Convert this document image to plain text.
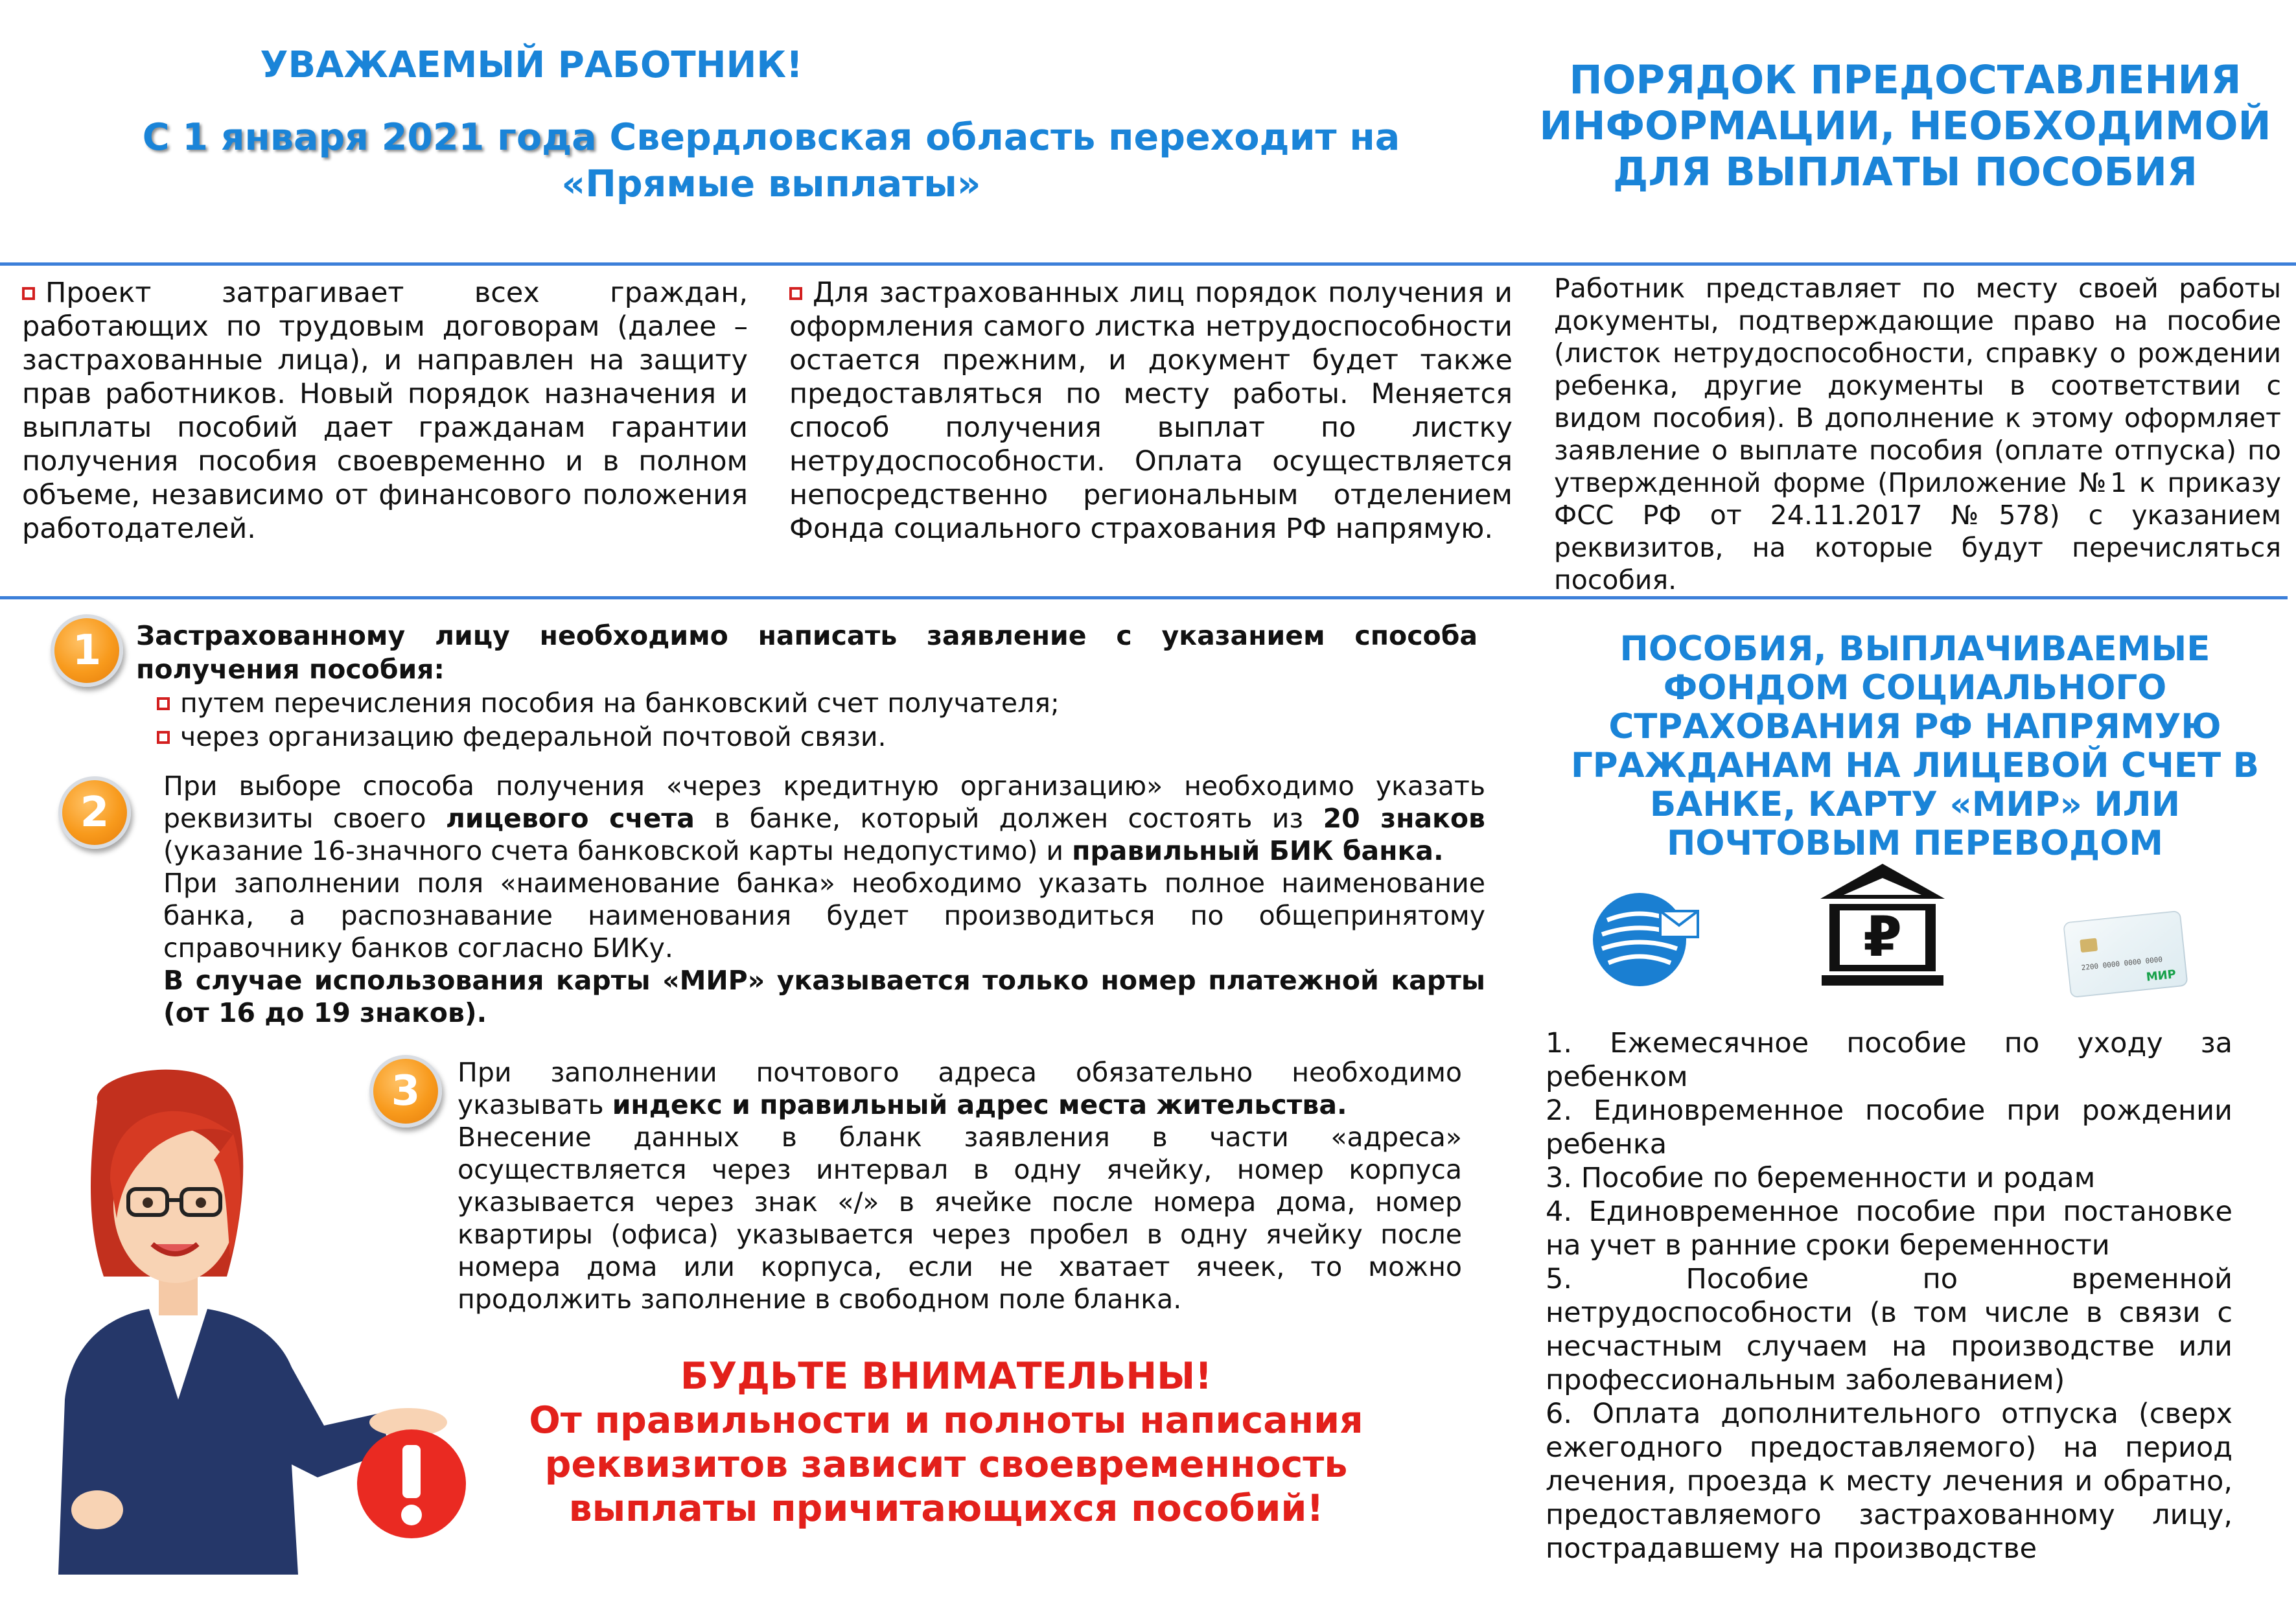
УВАЖАЕМЫЙ РАБОТНИК!
С 1 января 2021 года Свердловская область переходит на
«Прямые выплаты»
ПОРЯДОК ПРЕДОСТАВЛЕНИЯ
ИНФОРМАЦИИ, НЕОБХОДИМОЙ
ДЛЯ ВЫПЛАТЫ ПОСОБИЯ
Проект затрагивает всех граждан, работающих по трудовым договорам (далее – застрахованные лица), и направлен на защиту прав работников. Новый порядок назначения и выплаты пособий дает гражданам гарантии получения пособия своевременно и в полном объеме, независимо от финансового положения работодателей.
Для застрахованных лиц порядок получения и оформления самого листка нетрудоспособности остается прежним, и документ будет также предоставляться по месту работы. Меняется способ получения выплат по листку нетрудоспособности. Оплата осуществляется непосредственно региональным отделением Фонда социального страхования РФ напрямую.
Работник представляет по месту своей работы документы, подтверждающие право на пособие (листок нетрудоспособности, справку о рождении ребенка, другие документы в соответствии с видом пособия). В дополнение к этому оформляет заявление о выплате пособия (оплате отпуска) по утвержденной форме (Приложение №1 к приказу ФСС РФ от 24.11.2017 №578) с указанием реквизитов, на которые будут перечисляться пособия.
1	Застрахованному лицу необходимо написать заявление с указанием способа получения пособия:
путем перечисления пособия на банковский счет получателя;
через организацию федеральной почтовой связи.
2
При выборе способа получения «через кредитную организацию» необходимо указать реквизиты своего лицевого счета в банке, который должен состоять из 20 знаков (указание 16-значного счета банковской карты недопустимо) и правильный БИК банка.
При заполнении поля «наименование банка» необходимо указать полное наименование банка, а распознавание наименования будет производиться по общепринятому справочнику банков согласно БИКу.
В случае использования карты «МИР» указывается только номер платежной карты (от 16 до 19 знаков).
3	При заполнении почтового адреса обязательно необходимо указывать индекс и правильный адрес места жительства.
Внесение данных в бланк заявления в части «адреса» осуществляется через интервал в одну ячейку, номер корпуса указывается через знак «/» в ячейке после номера дома, номер квартиры (офиса) указывается через пробел в одну ячейку после номера дома или корпуса, если не хватает ячеек, то можно продолжить заполнение в свободном поле бланка.
БУДЬТЕ ВНИМАТЕЛЬНЫ!
От правильности и полноты написания
реквизитов зависит своевременность
выплаты причитающихся пособий!
ПОСОБИЯ, ВЫПЛАЧИВАЕМЫЕ
ФОНДОМ СОЦИАЛЬНОГО
СТРАХОВАНИЯ РФ НАПРЯМУЮ
ГРАЖДАНАМ НА ЛИЦЕВОЙ СЧЕТ В
БАНКЕ, КАРТУ «МИР» ИЛИ
ПОЧТОВЫМ ПЕРЕВОДОМ
₽	2200 0000 0000 0000
МИР

1. Ежемесячное пособие по уходу за ребенком

2. Единовременное пособие при рождении ребенка

3. Пособие по беременности и родам

4. Единовременное пособие при постановке на учет в ранние сроки беременности

5. Пособие по временной нетрудоспособности (в том числе в связи с несчастным случаем на производстве или профессиональным заболеванием)

6. Оплата дополнительного отпуска (сверх ежегодного предоставляемого) на период лечения, проезда к месту лечения и обратно, предоставляемого застрахованному лицу, пострадавшему на производстве
